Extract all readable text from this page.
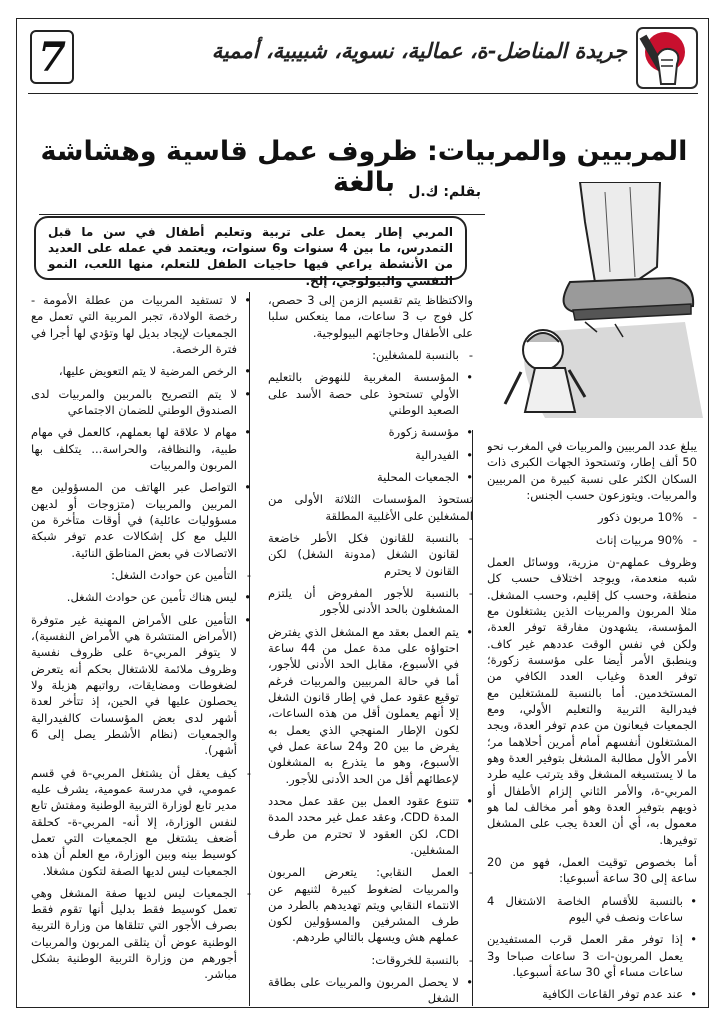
7	جريدة المناضل-ة، عمالية، نسوية، شبيبية، أممية
المربيين والمربيات: ظروف عمل قاسية وهشاشة بالغة بقلم: ك.ل
المربي إطار يعمل على تربية وتعليم أطفال في سن ما قبل التمدرس، ما بين 4 سنوات و6 سنوات، ويعتمد في عمله على العديد من الأنشطة يراعي فيها حاجيات الطفل للتعلم، منها اللعب، النمو النفسي والبيولوجي، إلخ.

يبلغ عدد المربيين والمربيات في المغرب نحو 50 ألف إطار، وتستحوذ الجهات الكبرى ذات السكان الكثر على نسبة كبيرة من المربيين والمربيات. ويتوزعون حسب الجنس:

- 10% مربون ذكور
- 90% مربيات إناث

وظروف عملهم-ن مزرية، ووسائل العمل شبه منعدمة، ويوجد اختلاف حسب كل منطقة، وحسب كل إقليم، وحسب المشغل. مثلا المربون والمربيات الذين يشتغلون مع المؤسسة، يشهدون مفارقة توفر العدة، ولكن في نفس الوقت عددهم غير كاف. وينطبق الأمر أيضا على مؤسسة زكورة؛ توفر العدة وغياب العدد الكافي من المستخدمين. أما بالنسبة للمشتغلين مع فيدرالية التربية والتعليم الأولي، ومع الجمعيات فيعانون من عدم توفر العدة، ويجد المشتغلون أنفسهم أمام أمرين أحلاهما مر؛ الأمر الأول مطالبة المشغل بتوفير العدة وهو ما لا يستسيغه المشغل وقد يترتب عليه طرد المربي-ة، والأمر الثاني إلزام الأطفال أو ذويهم بتوفير العدة وهو أمر مخالف لما هو معمول به، أي أن العدة يجب على المشغل توفيرها.

أما بخصوص توقيت العمل، فهو من 20 ساعة إلى 30 ساعة أسبوعيا:

• بالنسبة للأقسام الخاصة الاشتغال 4 ساعات ونصف في اليوم
• إذا توفر مقر العمل قرب المستفيدين يعمل المربون-ات 3 ساعات صباحا و3 ساعات مساء أي 30 ساعة أسبوعيا.
• عند عدم توفر القاعات الكافية

والاكتظاظ يتم تقسيم الزمن إلى 3 حصص، كل فوج ب 3 ساعات، مما ينعكس سلبا على الأطفال وحاجاتهم البيولوجية.

- بالنسبة للمشغلين:
• المؤسسة المغربية للنهوض بالتعليم الأولي تستحوذ على حصة الأسد على الصعيد الوطني
• مؤسسة زكورة
• الفيدرالية
• الجمعيات المحلية

تستحوذ المؤسسات الثلاثة الأولى من المشغلين على الأغلبية المطلقة

- بالنسبة للقانون فكل الأطر خاضعة لقانون الشغل (مدونة الشغل) لكن القانون لا يحترم
- بالنسبة للأجور المفروض أن يلتزم المشغلون بالحد الأدنى للأجور
• يتم العمل بعقد مع المشغل الذي يفترض احتواؤه على مدة عمل من 44 ساعة في الأسبوع، مقابل الحد الأدنى للأجور، أما في حالة المربيين والمربيات فرغم توقيع عقود عمل في إطار قانون الشغل إلا أنهم يعملون أقل من هذه الساعات، لكون الإطار المنهجي الذي يعمل به يفرض ما بين 20 و24 ساعة عمل في الأسبوع، وهو ما يتذرع به المشغلون لإعطائهم أقل من الحد الأدنى للأجور.
• تتنوع عقود العمل بين عقد عمل محدد المدة CDD، وعقد عمل غير محدد المدة CDI، لكن العقود لا تحترم من طرف المشغلين.
- العمل النقابي: يتعرض المربون والمربيات لضغوط كبيرة لثنيهم عن الانتماء النقابي ويتم تهديدهم بالطرد من طرف المشرفين والمسؤولين لكون عملهم هش ويسهل بالتالي طردهم.
- بالنسبة للخروقات:
• لا يحصل المربون والمربيات على بطاقة الشغل
• لا تستفيد المربيات من عطلة الأمومة - رخصة الولادة، تجبر المربية التي تعمل مع الجمعيات لإيجاد بديل لها وتؤدي لها أجرا في فترة الرخصة.
• الرخص المرضية لا يتم التعويض عليها،
• لا يتم التصريح بالمربين والمربيات لدى الصندوق الوطني للضمان الاجتماعي
• مهام لا علاقة لها بعملهم، كالعمل في مهام طبية، والنظافة، والحراسة... يتكلف بها المربون والمربيات
• التواصل عبر الهاتف من المسؤولين مع المربين والمربيات (متزوجات أو لديهن مسؤوليات عائلية) في أوقات متأخرة من الليل مع كل إشكالات عدم توفر شبكة الاتصالات في بعض المناطق النائية.
- التأمين عن حوادث الشغل:
• ليس هناك تأمين عن حوادث الشغل.
• التأمين على الأمراض المهنية غير متوفرة (الأمراض المنتشرة هي الأمراض النفسية)، لا يتوفر المربي-ة على ظروف نفسية وظروف ملائمة للاشتغال بحكم أنه يتعرض لضغوطات ومضايقات، رواتبهم هزيلة ولا يحصلون عليها في الحين، إذ تتأخر لعدة أشهر لدى بعض المؤسسات كالفيدرالية والجمعيات (نظام الأشطر يصل إلى 6 أشهر).
- كيف يعقل أن يشتغل المربي-ة في قسم عمومي، في مدرسة عمومية، يشرف عليه مدير تابع لوزارة التربية الوطنية ومفتش تابع لنفس الوزارة، إلا أنه- المربي-ة- كحلقة أضعف يشتغل مع الجمعيات التي تعمل كوسيط بينه وبين الوزارة، مع العلم أن هذه الجمعيات ليس لديها الصفة لتكون مشغلا.
- الجمعيات ليس لديها صفة المشغل وهي تعمل كوسيط فقط بدليل أنها تقوم فقط بصرف الأجور التي تتلقاها من وزارة التربية الوطنية عوض أن يتلقى المربون والمربيات أجورهم من وزارة التربية الوطنية بشكل مباشر.
